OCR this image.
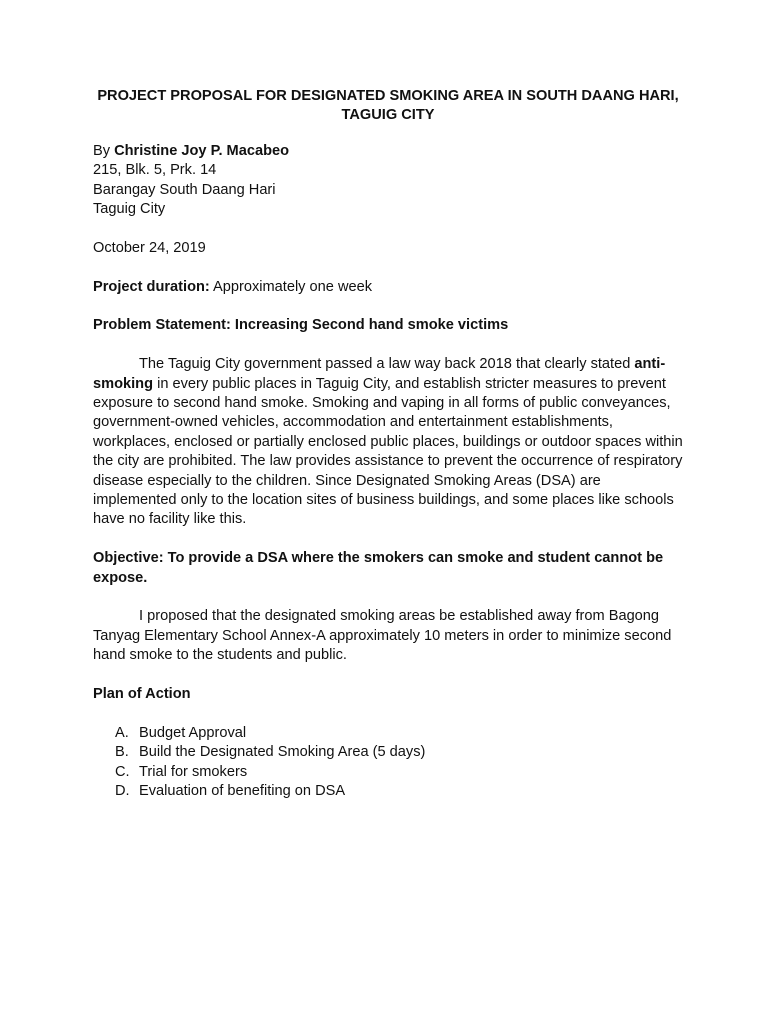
PROJECT PROPOSAL FOR DESIGNATED SMOKING AREA IN SOUTH DAANG HARI, TAGUIG CITY
By Christine Joy P. Macabeo
215, Blk. 5, Prk. 14
Barangay South Daang Hari
Taguig City
October 24, 2019
Project duration: Approximately one week
Problem Statement: Increasing Second hand smoke victims

The Taguig City government passed a law way back 2018 that clearly stated anti-smoking in every public places in Taguig City, and establish stricter measures to prevent exposure to second hand smoke. Smoking and vaping in all forms of public conveyances, government-owned vehicles, accommodation and entertainment establishments, workplaces, enclosed or partially enclosed public places, buildings or outdoor spaces within the city are prohibited. The law provides assistance to prevent the occurrence of respiratory disease especially to the children. Since Designated Smoking Areas (DSA) are implemented only to the location sites of business buildings, and some places like schools have no facility like this.

Objective: To provide a DSA where the smokers can smoke and student cannot be expose.

I proposed that the designated smoking areas be established away from Bagong Tanyag Elementary School Annex-A approximately 10 meters in order to minimize second hand smoke to the students and public.

Plan of Action
A. Budget Approval
B. Build the Designated Smoking Area (5 days)
C. Trial for smokers
D. Evaluation of benefiting on DSA
